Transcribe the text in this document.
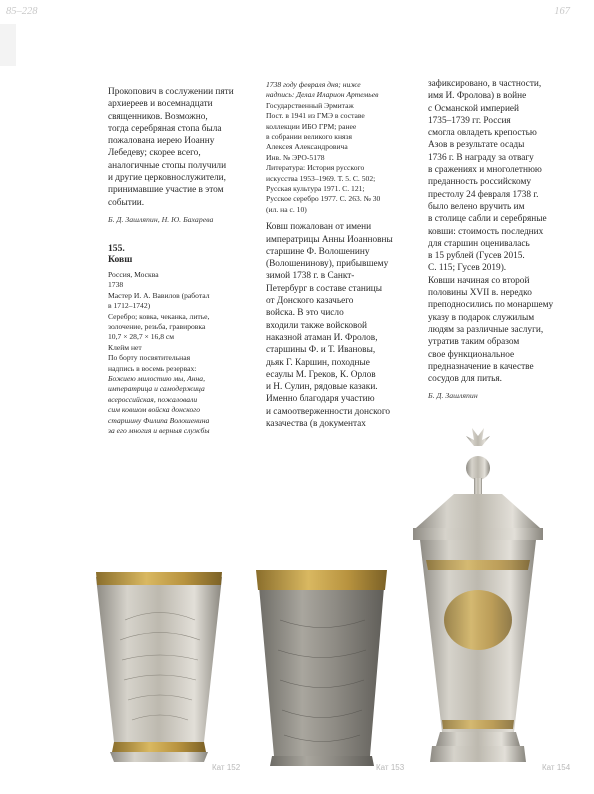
85–228	167

Прокопович в сослужении пяти

архиереев и восемнадцати

священников. Возможно,

тогда серебряная стопа была

пожалована иерею Иоанну

Лебедеву; скорее всего,

аналогичные стопы получили

и другие церковнослужители,

принимавшие участие в этом

событии.

Б. Д. Зашляпин, Н. Ю. Бахарева

155.

Ковш

Россия, Москва

1738

Мастер И. А. Вавилов (работал

в 1712–1742)

Серебро; ковка, чеканка, литье,

золочение, резьба, гравировка

10,7 × 28,7 × 16,8 см

Клейм нет

По борту посвятительная

надпись в восемь резервах:

Божиею милостию мы, Анна,

императрица и самодержица

всероссийская, пожаловали

сим ковшом войска донского

старшину Филипа Волошенина

за его многия и верныя службы

1738 году февраля дня; ниже

надпись: Делал Иларион Артемьев

Государственный Эрмитаж

Пост. в 1941 из ГМЭ в составе

коллекции ИБО ГРМ; ранее

в собрании великого князя

Алексея Александровича

Инв. № ЭРО-5178

Литература: История русского

искусства 1953–1969. Т. 5. С. 502;

Русская культура 1971. С. 121;

Русское серебро 1977. С. 263. № 30

(ил. на с. 10)

Ковш пожалован от имени

императрицы Анны Иоанновны

старшине Ф. Волошенину

(Волошенинову), прибывшему

зимой 1738 г. в Санкт-

Петербург в составе станицы

от Донского казачьего

войска. В это число

входили также войсковой

наказной атаман И. Фролов,

старшины Ф. и Т. Ивановы,

дьяк Г. Каршин, походные

есаулы М. Греков, К. Орлов

и Н. Сулин, рядовые казаки.

Именно благодаря участию

и самоотверженности донского

казачества (в документах

зафиксировано, в частности,

имя И. Фролова) в войне

с Османской империей

1735–1739 гг. Россия

смогла овладеть крепостью

Азов в результате осады

1736 г. В награду за отвагу

в сражениях и многолетнюю

преданность российскому

престолу 24 февраля 1738 г.

было велено вручить им

в столице сабли и серебряные

ковши: стоимость последних

для старшин оценивалась

в 15 рублей (Гусев 2015.

С. 115; Гусев 2019).

Ковши начиная со второй

половины XVII в. нередко

преподносились по монаршему

указу в подарок служилым

людям за различные заслуги,

утратив таким образом

свое функциональное

предназначение в качестве

сосудов для питья.

Б. Д. Зашляпин

Кат 152	Кат 153	Кат 154
